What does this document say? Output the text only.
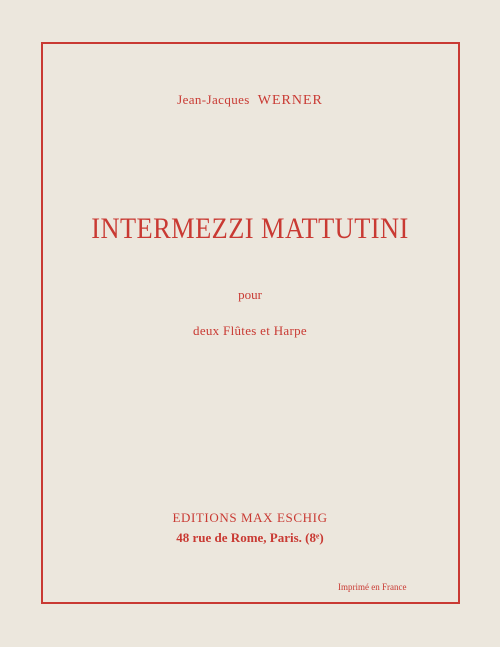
Jean-Jacques WERNER
INTERMEZZI MATTUTINI
pour
deux Flûtes et Harpe
EDITIONS MAX ESCHIG
48 rue de Rome, Paris. (8ᵉ)
Imprimé en France
